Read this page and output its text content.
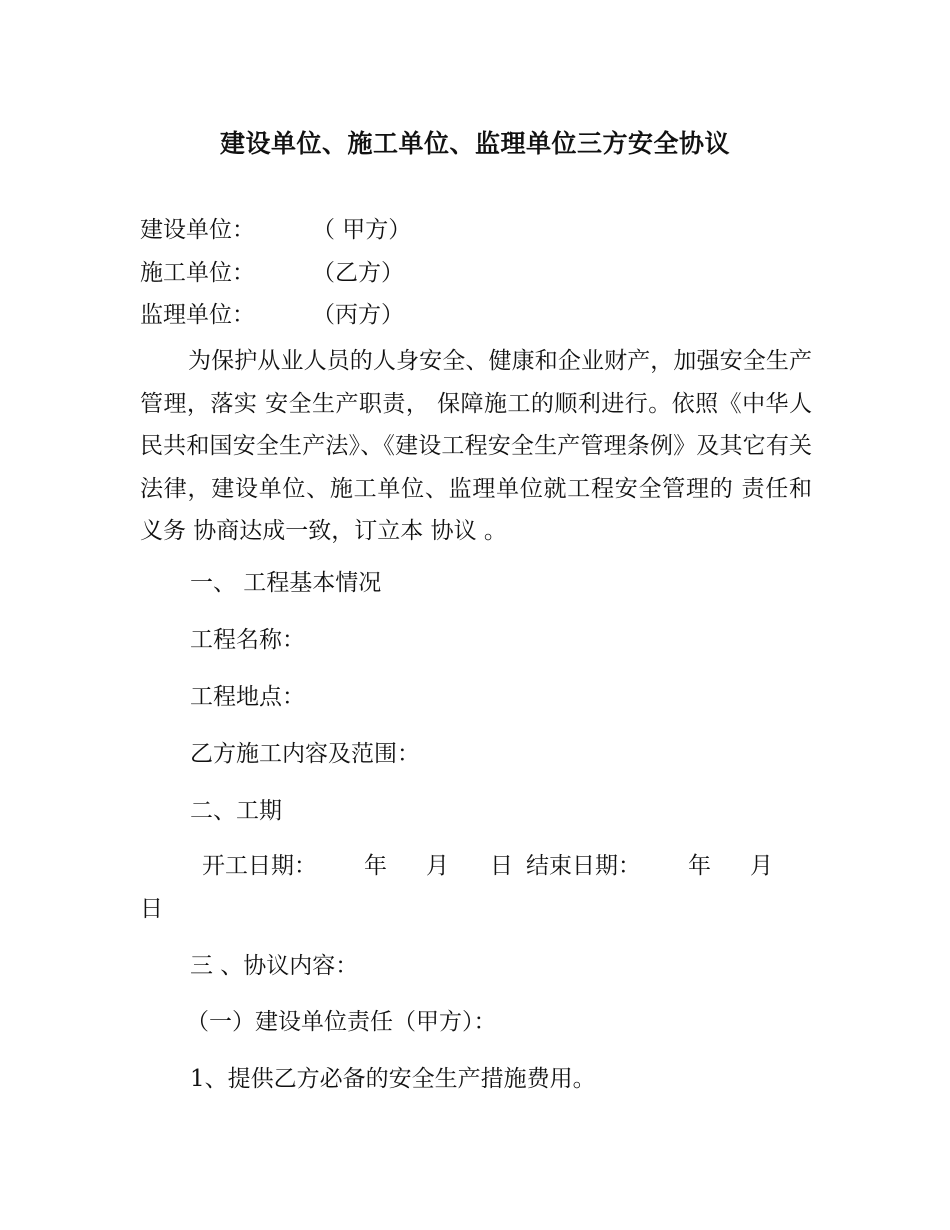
建设单位、施工单位、监理单位三方安全协议
建设单位： （ 甲方）
施工单位： （乙方）
监理单位： （丙方）

为保护从业人员的人身安全、健康和企业财产，加强安全生产管理，落实 安全生产职责， 保障施工的顺利进行。依照《中华人民共和国安全生产法》、《建设工程安全生产管理条例》及其它有关法律，建设单位、施工单位、监理单位就工程安全管理的 责任和义务 协商达成一致，订立本 协议 。

一、 工程基本情况
工程名称：
工程地点：
乙方施工内容及范围：
二、工期
开工日期： 年 月 日 结束日期： 年 月
日
三 、协议内容：
（一）建设单位责任（甲方）：
1、提供乙方必备的安全生产措施费用。
